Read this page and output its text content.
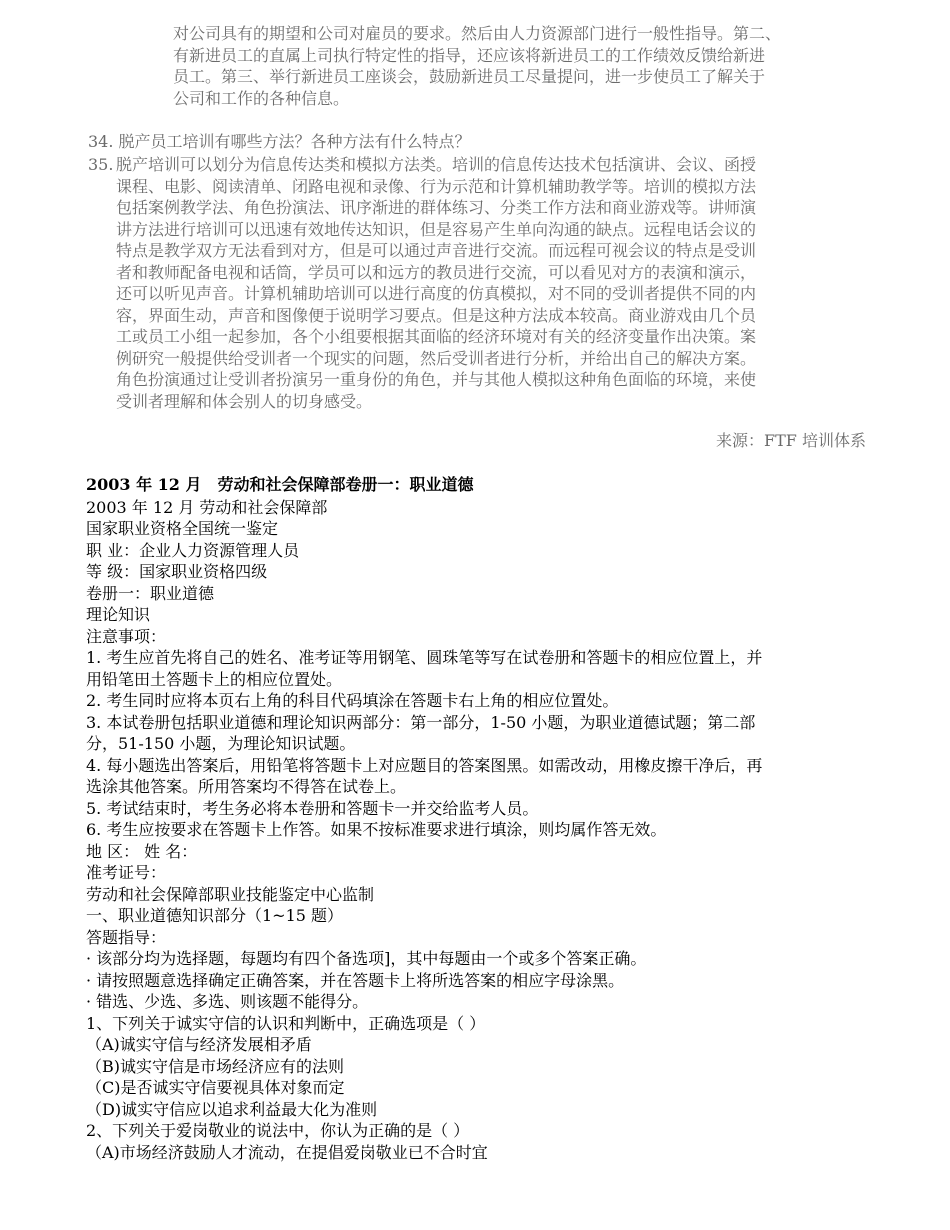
对公司具有的期望和公司对雇员的要求。然后由人力资源部门进行一般性指导。第二、
有新进员工的直属上司执行特定性的指导，还应该将新进员工的工作绩效反馈给新进
员工。第三、举行新进员工座谈会，鼓励新进员工尽量提问，进一步使员工了解关于
公司和工作的各种信息。
34. 脱产员工培训有哪些方法？各种方法有什么特点？
35. 脱产培训可以划分为信息传达类和模拟方法类。培训的信息传达技术包括演讲、会议、函授
课程、电影、阅读清单、闭路电视和录像、行为示范和计算机辅助教学等。培训的模拟方法
包括案例教学法、角色扮演法、讯序渐进的群体练习、分类工作方法和商业游戏等。讲师演
讲方法进行培训可以迅速有效地传达知识，但是容易产生单向沟通的缺点。远程电话会议的
特点是教学双方无法看到对方，但是可以通过声音进行交流。而远程可视会议的特点是受训
者和教师配备电视和话筒，学员可以和远方的教员进行交流，可以看见对方的表演和演示，
还可以听见声音。计算机辅助培训可以进行高度的仿真模拟，对不同的受训者提供不同的内
容，界面生动，声音和图像便于说明学习要点。但是这种方法成本较高。商业游戏由几个员
工或员工小组一起参加，各个小组要根据其面临的经济环境对有关的经济变量作出决策。案
例研究一般提供给受训者一个现实的问题，然后受训者进行分析，并给出自己的解决方案。
角色扮演通过让受训者扮演另一重身份的角色，并与其他人模拟这种角色面临的环境，来使
受训者理解和体会别人的切身感受。
来源：FTF 培训体系
2003 年 12 月　劳动和社会保障部卷册一：职业道德
2003 年 12 月 劳动和社会保障部
国家职业资格全国统一鉴定
职 业：企业人力资源管理人员
等 级：国家职业资格四级
卷册一：职业道德
理论知识
注意事项：
1. 考生应首先将自己的姓名、准考证等用钢笔、圆珠笔等写在试卷册和答题卡的相应位置上，并
用铅笔田土答题卡上的相应位置处。
2. 考生同时应将本页右上角的科目代码填涂在答题卡右上角的相应位置处。
3. 本试卷册包括职业道德和理论知识两部分：第一部分，1-50 小题，为职业道德试题；第二部
分，51-150 小题，为理论知识试题。
4. 每小题选出答案后，用铅笔将答题卡上对应题目的答案图黑。如需改动，用橡皮擦干净后，再
选涂其他答案。所用答案均不得答在试卷上。
5. 考试结束时，考生务必将本卷册和答题卡一并交给监考人员。
6. 考生应按要求在答题卡上作答。如果不按标准要求进行填涂，则均属作答无效。
地 区： 姓 名：
准考证号：
劳动和社会保障部职业技能鉴定中心监制
一、职业道德知识部分（1~15 题）
答题指导：
· 该部分均为选择题，每题均有四个备选项]，其中每题由一个或多个答案正确。
· 请按照题意选择确定正确答案，并在答题卡上将所选答案的相应字母涂黑。
· 错选、少选、多选、则该题不能得分。
1、下列关于诚实守信的认识和判断中，正确选项是（ ）
（A)诚实守信与经济发展相矛盾
（B)诚实守信是市场经济应有的法则
（C)是否诚实守信要视具体对象而定
（D)诚实守信应以追求利益最大化为准则
2、下列关于爱岗敬业的说法中，你认为正确的是（ ）
（A)市场经济鼓励人才流动，在提倡爱岗敬业已不合时宜
